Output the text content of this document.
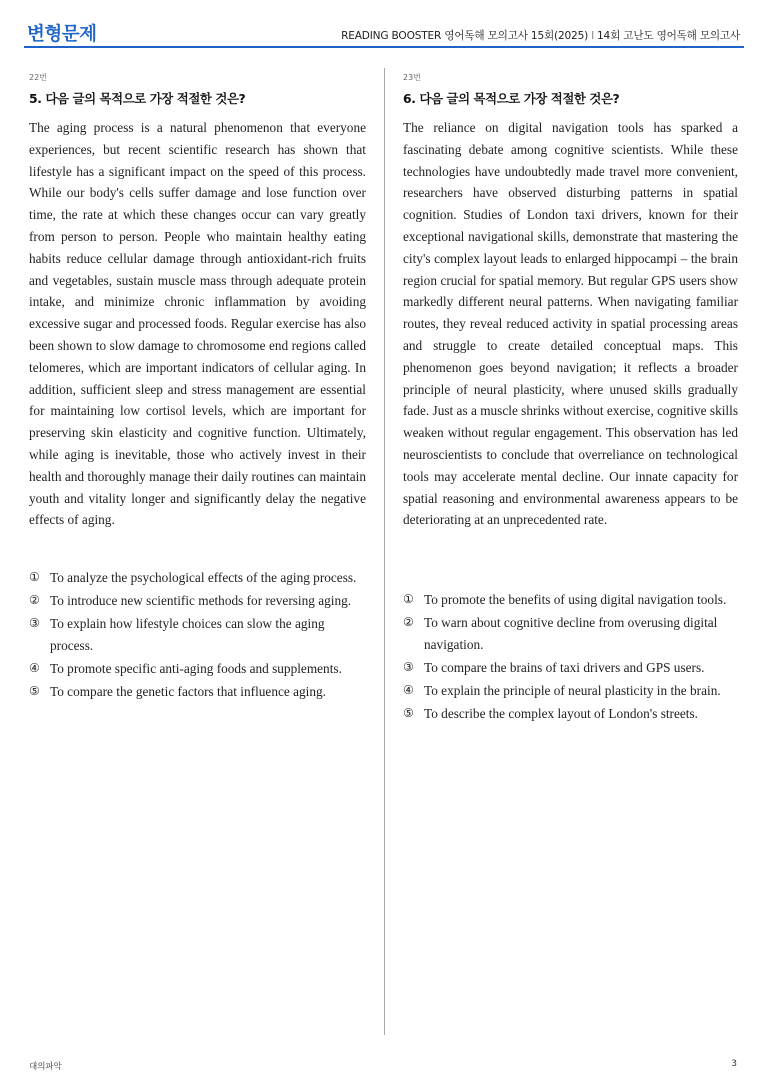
변형문제	READING BOOSTER 영어독해 모의고사 15회(2025) I 14회 고난도 영어독해 모의고사
22번
5. 다음 글의 목적으로 가장 적절한 것은?

The aging process is a natural phenomenon that everyone experiences, but recent scientific research has shown that lifestyle has a significant impact on the speed of this process. While our body's cells suffer damage and lose function over time, the rate at which these changes occur can vary greatly from person to person. People who maintain healthy eating habits reduce cellular damage through antioxidant-rich fruits and vegetables, sustain muscle mass through adequate protein intake, and minimize chronic inflammation by avoiding excessive sugar and processed foods. Regular exercise has also been shown to slow damage to chromosome end regions called telomeres, which are important indicators of cellular aging. In addition, sufficient sleep and stress management are essential for maintaining low cortisol levels, which are important for preserving skin elasticity and cognitive function. Ultimately, while aging is inevitable, those who actively invest in their health and thoroughly manage their daily routines can maintain youth and vitality longer and significantly delay the negative effects of aging.

① To analyze the psychological effects of the aging process.
② To introduce new scientific methods for reversing aging.
③ To explain how lifestyle choices can slow the aging process.
④ To promote specific anti-aging foods and supplements.
⑤ To compare the genetic factors that influence aging.
23번
6. 다음 글의 목적으로 가장 적절한 것은?

The reliance on digital navigation tools has sparked a fascinating debate among cognitive scientists. While these technologies have undoubtedly made travel more convenient, researchers have observed disturbing patterns in spatial cognition. Studies of London taxi drivers, known for their exceptional navigational skills, demonstrate that mastering the city's complex layout leads to enlarged hippocampi – the brain region crucial for spatial memory. But regular GPS users show markedly different neural patterns. When navigating familiar routes, they reveal reduced activity in spatial processing areas and struggle to create detailed conceptual maps. This phenomenon goes beyond navigation; it reflects a broader principle of neural plasticity, where unused skills gradually fade. Just as a muscle shrinks without exercise, cognitive skills weaken without regular engagement. This observation has led neuroscientists to conclude that overreliance on technological tools may accelerate mental decline. Our innate capacity for spatial reasoning and environmental awareness appears to be deteriorating at an unprecedented rate.

① To promote the benefits of using digital navigation tools.
② To warn about cognitive decline from overusing digital navigation.
③ To compare the brains of taxi drivers and GPS users.
④ To explain the principle of neural plasticity in the brain.
⑤ To describe the complex layout of London's streets.
대의파악	3
